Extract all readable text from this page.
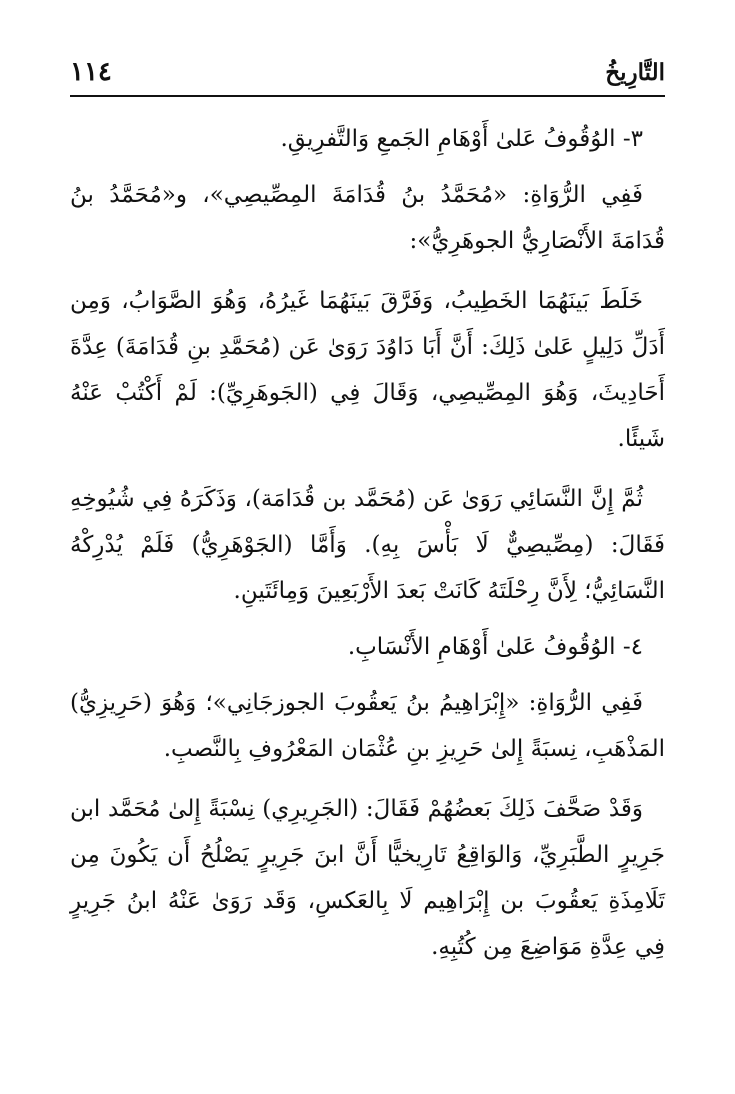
التَّارِيخُ
١١٤

٣- الوُقُوفُ عَلىٰ أَوْهَامِ الجَمعِ وَالتَّفرِيقِ.

فَفِي الرُّوَاةِ: «مُحَمَّدُ بنُ قُدَامَةَ المِصِّيصِي»، و«مُحَمَّدُ بنُ قُدَامَةَ الأَنْصَارِيُّ الجوهَرِيُّ»:

خَلَطَ بَينَهُمَا الخَطِيبُ، وَفَرَّقَ بَينَهُمَا غَيرُهُ، وَهُوَ الصَّوَابُ، وَمِن أَدَلِّ دَلِيلٍ عَلىٰ ذَلِكَ: أَنَّ أَبَا دَاوُدَ رَوَىٰ عَن (مُحَمَّدِ بنِ قُدَامَةَ) عِدَّةَ أَحَادِيثَ، وَهُوَ المِصِّيصِي، وَقَالَ فِي (الجَوهَرِيِّ): لَمْ أَكْتُبْ عَنْهُ شَيئًا.

ثُمَّ إِنَّ النَّسَائِي رَوَىٰ عَن (مُحَمَّد بن قُدَامَة)، وَذَكَرَهُ فِي شُيُوخِهِ فَقَالَ: (مِصِّيصِيٌّ لَا بَأْسَ بِهِ). وَأَمَّا (الجَوْهَرِيُّ) فَلَمْ يُدْرِكْهُ النَّسَائِيُّ؛ لِأَنَّ رِحْلَتَهُ كَانَتْ بَعدَ الأَرْبَعِينَ وَمِائَتَينِ.

٤- الوُقُوفُ عَلىٰ أَوْهَامِ الأَنْسَابِ.

فَفِي الرُّوَاةِ: «إِبْرَاهِيمُ بنُ يَعقُوبَ الجوزجَانِي»؛ وَهُوَ (حَرِيزِيُّ) المَذْهَبِ، نِسبَةً إِلىٰ حَرِيزِ بنِ عُثْمَان المَعْرُوفِ بِالنَّصبِ.

وَقَدْ صَحَّفَ ذَلِكَ بَعضُهُمْ فَقَالَ: (الجَرِيرِي) نِسْبَةً إِلىٰ مُحَمَّد ابن جَرِيرٍ الطَّبَرِيِّ، وَالوَاقِعُ تَارِيخيًّا أَنَّ ابنَ جَرِيرٍ يَصْلُحُ أَن يَكُونَ مِن تَلَامِذَةِ يَعقُوبَ بن إِبْرَاهِيم لَا بِالعَكسِ، وَقَد رَوَىٰ عَنْهُ ابنُ جَرِيرٍ فِي عِدَّةِ مَوَاضِعَ مِن كُتُبِهِ.
